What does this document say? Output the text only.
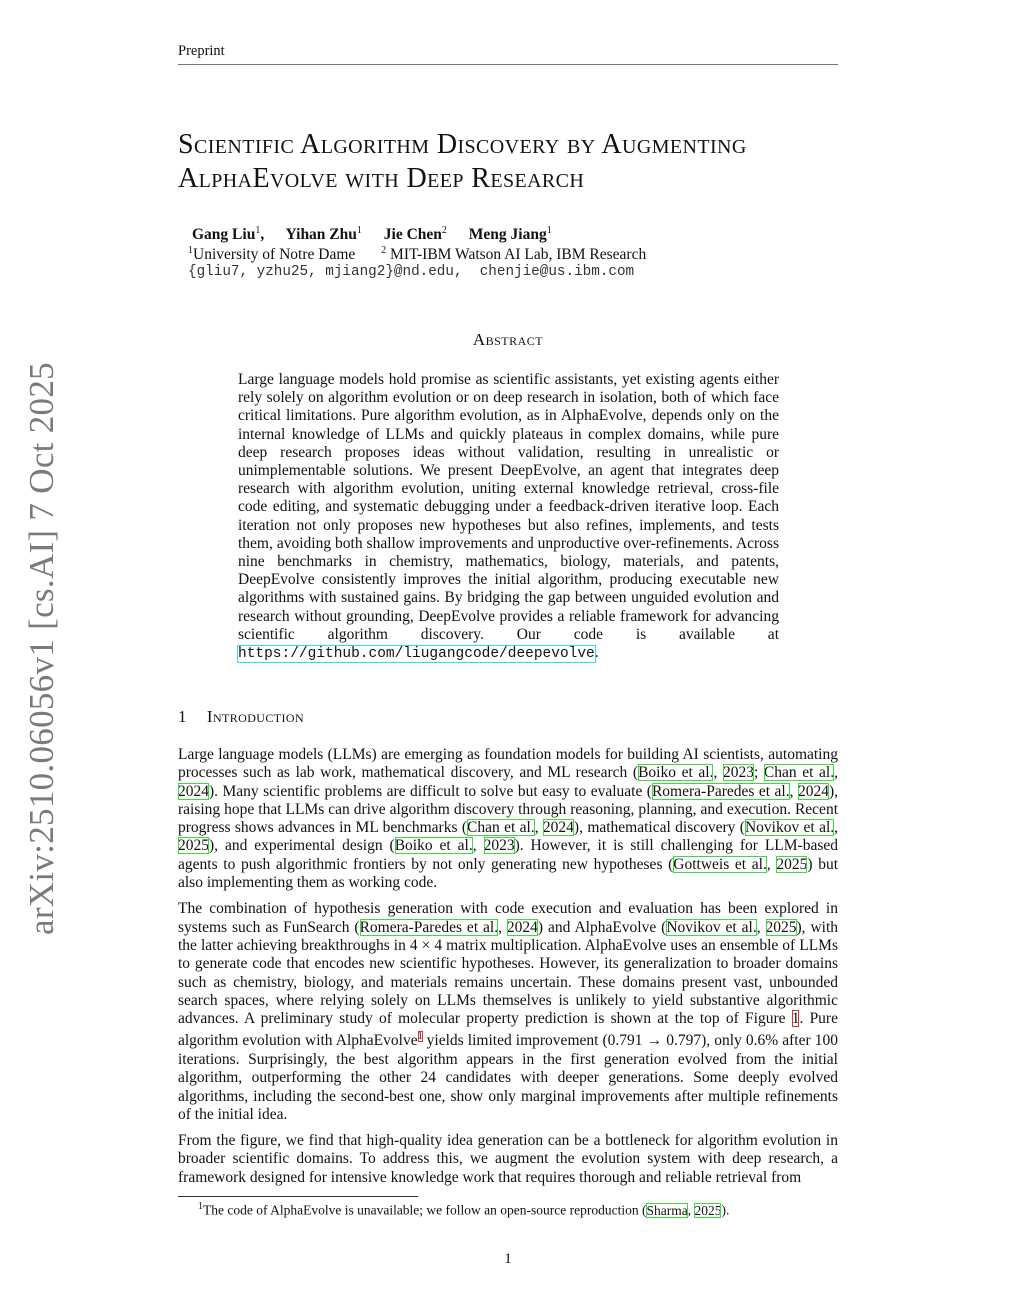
Preprint
arXiv:2510.06056v1 [cs.AI] 7 Oct 2025
Scientific Algorithm Discovery by Augmenting AlphaEvolve with Deep Research
Gang Liu$^1$, Yihan Zhu$^1$ Jie Chen$^2$ Meng Jiang$^1$
$^1$University of Notre Dame	$^2$ MIT-IBM Watson AI Lab, IBM Research
{gliu7, yzhu25, mjiang2}@nd.edu,  chenjie@us.ibm.com
Abstract
Large language models hold promise as scientific assistants, yet existing agents either rely solely on algorithm evolution or on deep research in isolation, both of which face critical limitations. Pure algorithm evolution, as in AlphaEvolve, depends only on the internal knowledge of LLMs and quickly plateaus in complex domains, while pure deep research proposes ideas without validation, resulting in unrealistic or unimplementable solutions. We present DeepEvolve, an agent that integrates deep research with algorithm evolution, uniting external knowledge retrieval, cross-file code editing, and systematic debugging under a feedback-driven iterative loop. Each iteration not only proposes new hypotheses but also refines, implements, and tests them, avoiding both shallow improvements and unproductive over-refinements. Across nine benchmarks in chemistry, mathematics, biology, materials, and patents, DeepEvolve consistently improves the initial algorithm, producing executable new algorithms with sustained gains. By bridging the gap between unguided evolution and research without grounding, DeepEvolve provides a reliable framework for advancing scientific algorithm discovery. Our code is available at https://github.com/liugangcode/deepevolve.
1 Introduction

Large language models (LLMs) are emerging as foundation models for building AI scientists, automating processes such as lab work, mathematical discovery, and ML research (Boiko et al., 2023; Chan et al., 2024). Many scientific problems are difficult to solve but easy to evaluate (Romera-Paredes et al., 2024), raising hope that LLMs can drive algorithm discovery through reasoning, planning, and execution. Recent progress shows advances in ML benchmarks (Chan et al., 2024), mathematical discovery (Novikov et al., 2025), and experimental design (Boiko et al., 2023). However, it is still challenging for LLM-based agents to push algorithmic frontiers by not only generating new hypotheses (Gottweis et al., 2025) but also implementing them as working code.

The combination of hypothesis generation with code execution and evaluation has been explored in systems such as FunSearch (Romera-Paredes et al., 2024) and AlphaEvolve (Novikov et al., 2025), with the latter achieving breakthroughs in 4 × 4 matrix multiplication. AlphaEvolve uses an ensemble of LLMs to generate code that encodes new scientific hypotheses. However, its generalization to broader domains such as chemistry, biology, and materials remains uncertain. These domains present vast, unbounded search spaces, where relying solely on LLMs themselves is unlikely to yield substantive algorithmic advances. A preliminary study of molecular property prediction is shown at the top of Figure 1. Pure algorithm evolution with AlphaEvolve$^1$ yields limited improvement (0.791 → 0.797), only 0.6% after 100 iterations. Surprisingly, the best algorithm appears in the first generation evolved from the initial algorithm, outperforming the other 24 candidates with deeper generations. Some deeply evolved algorithms, including the second-best one, show only marginal improvements after multiple refinements of the initial idea.

From the figure, we find that high-quality idea generation can be a bottleneck for algorithm evolution in broader scientific domains. To address this, we augment the evolution system with deep research, a framework designed for intensive knowledge work that requires thorough and reliable retrieval from

$^1$The code of AlphaEvolve is unavailable; we follow an open-source reproduction (Sharma, 2025).
1
